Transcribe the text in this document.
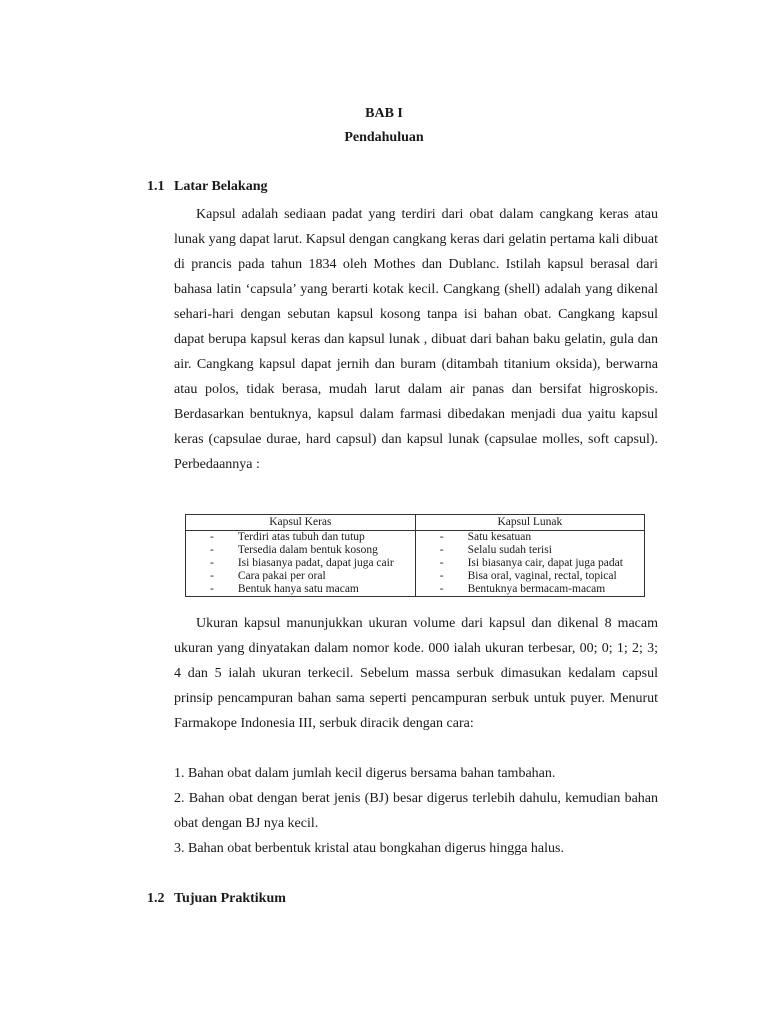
BAB I
Pendahuluan
1.1 Latar Belakang
Kapsul adalah sediaan padat yang terdiri dari obat dalam cangkang keras atau lunak yang dapat larut. Kapsul dengan cangkang keras dari gelatin pertama kali dibuat di prancis pada tahun 1834 oleh Mothes dan Dublanc. Istilah kapsul berasal dari bahasa latin ‘capsula’ yang berarti kotak kecil. Cangkang (shell) adalah yang dikenal sehari-hari dengan sebutan kapsul kosong tanpa isi bahan obat. Cangkang kapsul dapat berupa kapsul keras dan kapsul lunak , dibuat dari bahan baku gelatin, gula dan air. Cangkang kapsul dapat jernih dan buram (ditambah titanium oksida), berwarna atau polos, tidak berasa, mudah larut dalam air panas dan bersifat higroskopis. Berdasarkan bentuknya, kapsul dalam farmasi dibedakan menjadi dua yaitu kapsul keras (capsulae durae, hard capsul) dan kapsul lunak (capsulae molles, soft capsul). Perbedaannya :
Kapsul Keras	Kapsul Lunak
- Terdiri atas tubuh dan tutup	- Satu kesatuan
- Tersedia dalam bentuk kosong	- Selalu sudah terisi
- Isi biasanya padat, dapat juga cair	- Isi biasanya cair, dapat juga padat
- Cara pakai per oral	- Bisa oral, vaginal, rectal, topical
- Bentuk hanya satu macam	- Bentuknya bermacam-macam
Ukuran kapsul manunjukkan ukuran volume dari kapsul dan dikenal 8 macam ukuran yang dinyatakan dalam nomor kode. 000 ialah ukuran terbesar, 00; 0; 1; 2; 3; 4 dan 5 ialah ukuran terkecil. Sebelum massa serbuk dimasukan kedalam capsul prinsip pencampuran bahan sama seperti pencampuran serbuk untuk puyer. Menurut Farmakope Indonesia III, serbuk diracik dengan cara:
1. Bahan obat dalam jumlah kecil digerus bersama bahan tambahan.
2. Bahan obat dengan berat jenis (BJ) besar digerus terlebih dahulu, kemudian bahan obat dengan BJ nya kecil.
3. Bahan obat berbentuk kristal atau bongkahan digerus hingga halus.
1.2 Tujuan Praktikum
